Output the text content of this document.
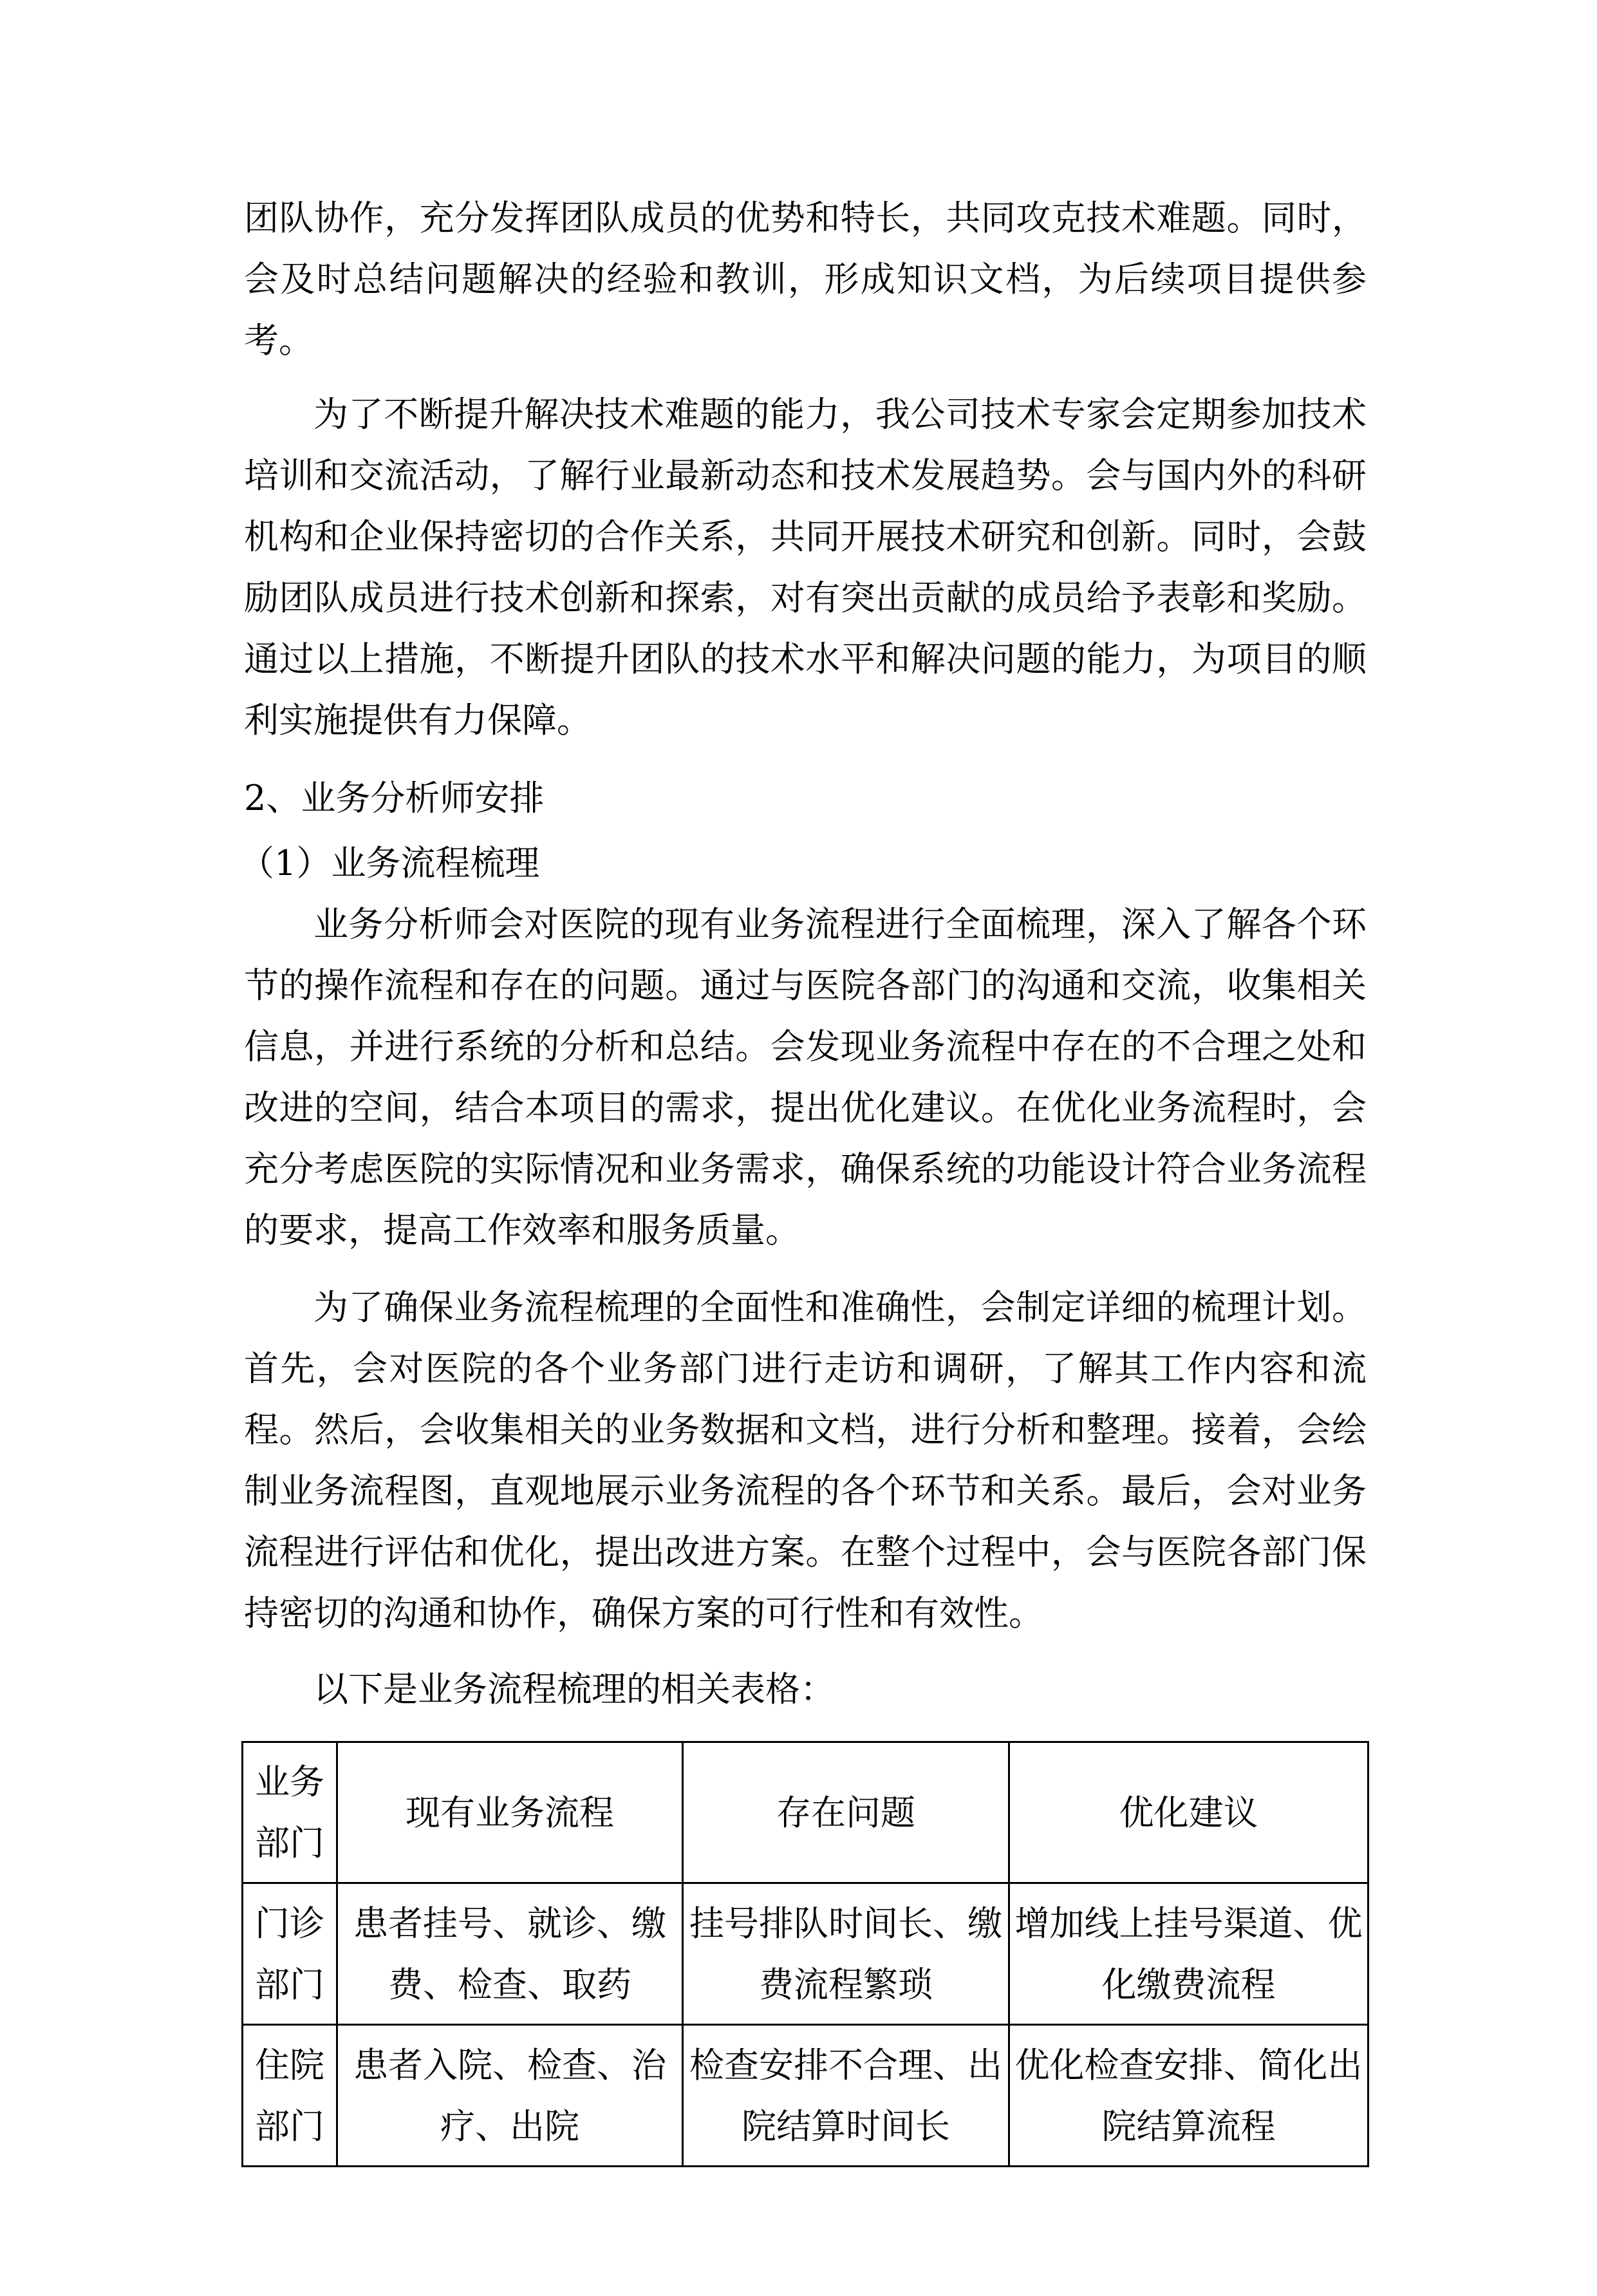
团队协作，充分发挥团队成员的优势和特长，共同攻克技术难题。同时，会及时总结问题解决的经验和教训，形成知识文档，为后续项目提供参考。

为了不断提升解决技术难题的能力，我公司技术专家会定期参加技术培训和交流活动，了解行业最新动态和技术发展趋势。会与国内外的科研机构和企业保持密切的合作关系，共同开展技术研究和创新。同时，会鼓励团队成员进行技术创新和探索，对有突出贡献的成员给予表彰和奖励。通过以上措施，不断提升团队的技术水平和解决问题的能力，为项目的顺利实施提供有力保障。

2、业务分析师安排

（1）业务流程梳理

业务分析师会对医院的现有业务流程进行全面梳理，深入了解各个环节的操作流程和存在的问题。通过与医院各部门的沟通和交流，收集相关信息，并进行系统的分析和总结。会发现业务流程中存在的不合理之处和改进的空间，结合本项目的需求，提出优化建议。在优化业务流程时，会充分考虑医院的实际情况和业务需求，确保系统的功能设计符合业务流程的要求，提高工作效率和服务质量。

为了确保业务流程梳理的全面性和准确性，会制定详细的梳理计划。首先，会对医院的各个业务部门进行走访和调研，了解其工作内容和流程。然后，会收集相关的业务数据和文档，进行分析和整理。接着，会绘制业务流程图，直观地展示业务流程的各个环节和关系。最后，会对业务流程进行评估和优化，提出改进方案。在整个过程中，会与医院各部门保持密切的沟通和协作，确保方案的可行性和有效性。

以下是业务流程梳理的相关表格：

业务部门	现有业务流程	存在问题	优化建议
门诊部门	患者挂号、就诊、缴费、检查、取药	挂号排队时间长、缴费流程繁琐	增加线上挂号渠道、优化缴费流程
住院部门	患者入院、检查、治疗、出院	检查安排不合理、出院结算时间长	优化检查安排、简化出院结算流程
